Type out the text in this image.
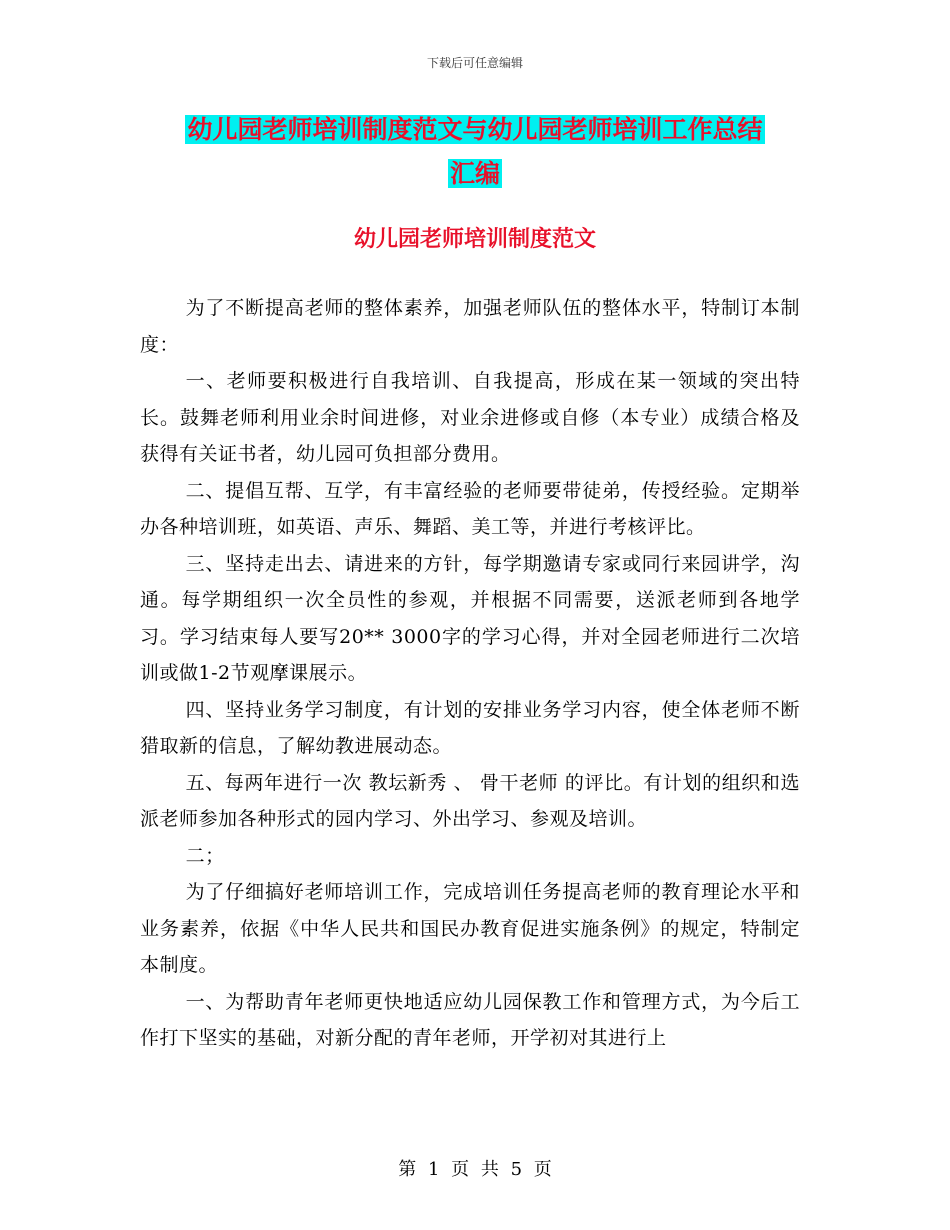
下载后可任意编辑
幼儿园老师培训制度范文与幼儿园老师培训工作总结
汇编
幼儿园老师培训制度范文

为了不断提高老师的整体素养，加强老师队伍的整体水平，特制订本制度：

一、老师要积极进行自我培训、自我提高，形成在某一领域的突出特长。鼓舞老师利用业余时间进修，对业余进修或自修（本专业）成绩合格及获得有关证书者，幼儿园可负担部分费用。

二、提倡互帮、互学，有丰富经验的老师要带徒弟，传授经验。定期举办各种培训班，如英语、声乐、舞蹈、美工等，并进行考核评比。

三、坚持走出去、请进来的方针，每学期邀请专家或同行来园讲学，沟通。每学期组织一次全员性的参观，并根据不同需要，送派老师到各地学习。学习结束每人要写20** 3000字的学习心得，并对全园老师进行二次培训或做1-2节观摩课展示。

四、坚持业务学习制度，有计划的安排业务学习内容，使全体老师不断猎取新的信息，了解幼教进展动态。

五、每两年进行一次 教坛新秀 、 骨干老师 的评比。有计划的组织和选派老师参加各种形式的园内学习、外出学习、参观及培训。

二；

为了仔细搞好老师培训工作，完成培训任务提高老师的教育理论水平和业务素养，依据《中华人民共和国民办教育促进实施条例》的规定，特制定本制度。

一、为帮助青年老师更快地适应幼儿园保教工作和管理方式，为今后工作打下坚实的基础，对新分配的青年老师，开学初对其进行上

第 1 页 共 5 页
